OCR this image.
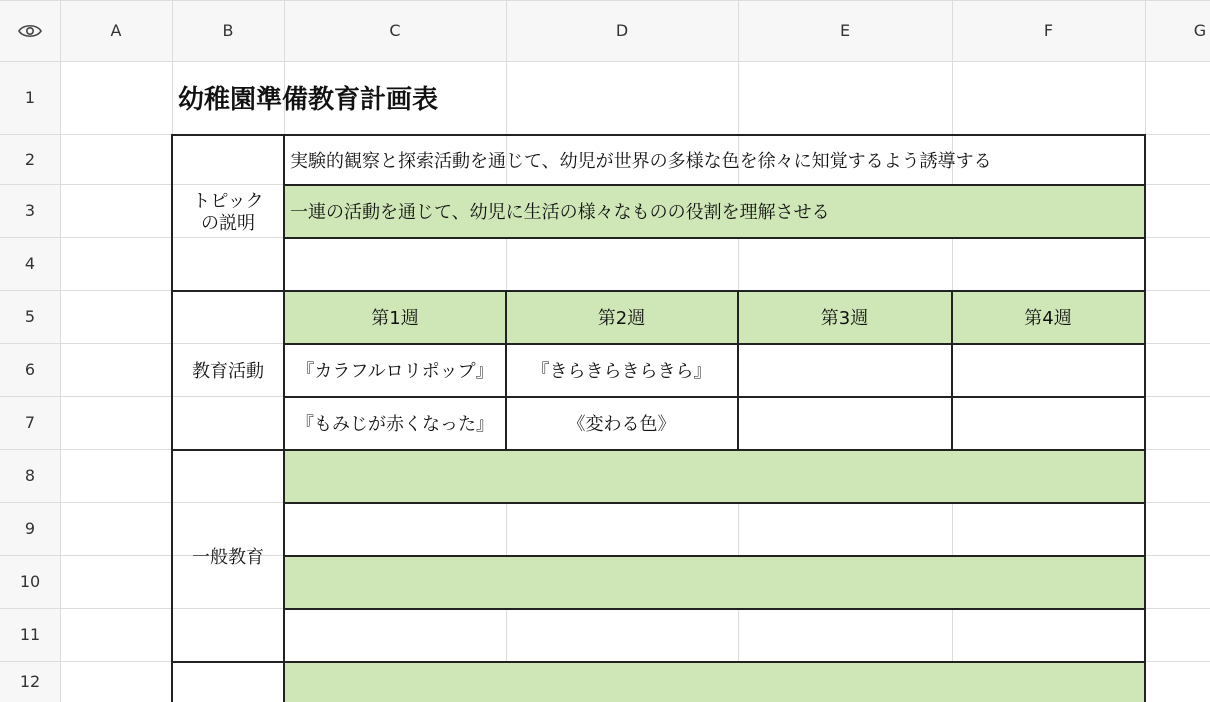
A	B	C	D	E	F	G
1
2
3
4
5
6
7
8
9
10
11
12
幼稚園準備教育計画表
トピック
の説明
実験的観察と探索活動を通じて、幼児が世界の多様な色を徐々に知覚するよう誘導する
一連の活動を通じて、幼児に生活の様々なものの役割を理解させる
教育活動
第1週	第2週	第3週	第4週
『カラフルロリポップ』	『きらきらきらきら』
『もみじが赤くなった』	《変わる色》
一般教育
